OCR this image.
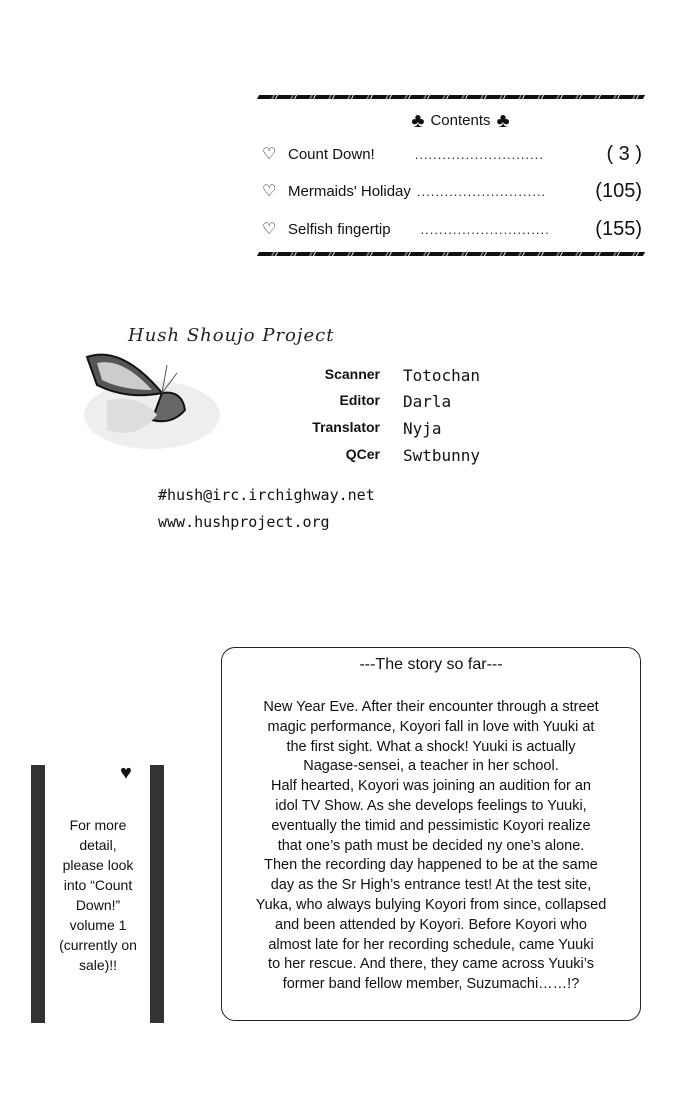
♣ Contents ♣
♡ Count Down!	............................	( 3 )
♡ Mermaids' Holiday ............................	(105)
♡ Selfish fingertip ............................	(155)
Hush Shoujo Project
Scanner Totochan
Editor Darla
Translator Nyja
QCer Swtbunny
#hush@irc.irchighway.net
www.hushproject.org
♥
For more
detail,
please look
into “Count
Down!”
volume 1
(currently on
sale)!!
---The story so far---
New Year Eve. After their encounter through a street
magic performance, Koyori fall in love with Yuuki at
the first sight. What a shock! Yuuki is actually
Nagase-sensei, a teacher in her school.
Half hearted, Koyori was joining an audition for an
idol TV Show. As she develops feelings to Yuuki,
eventually the timid and pessimistic Koyori realize
that one’s path must be decided ny one’s alone.
Then the recording day happened to be at the same
day as the Sr High’s entrance test! At the test site,
Yuka, who always bulying Koyori from since, collapsed
and been attended by Koyori. Before Koyori who
almost late for her recording schedule, came Yuuki
to her rescue. And there, they came across Yuuki’s
former band fellow member, Suzumachi……!?
